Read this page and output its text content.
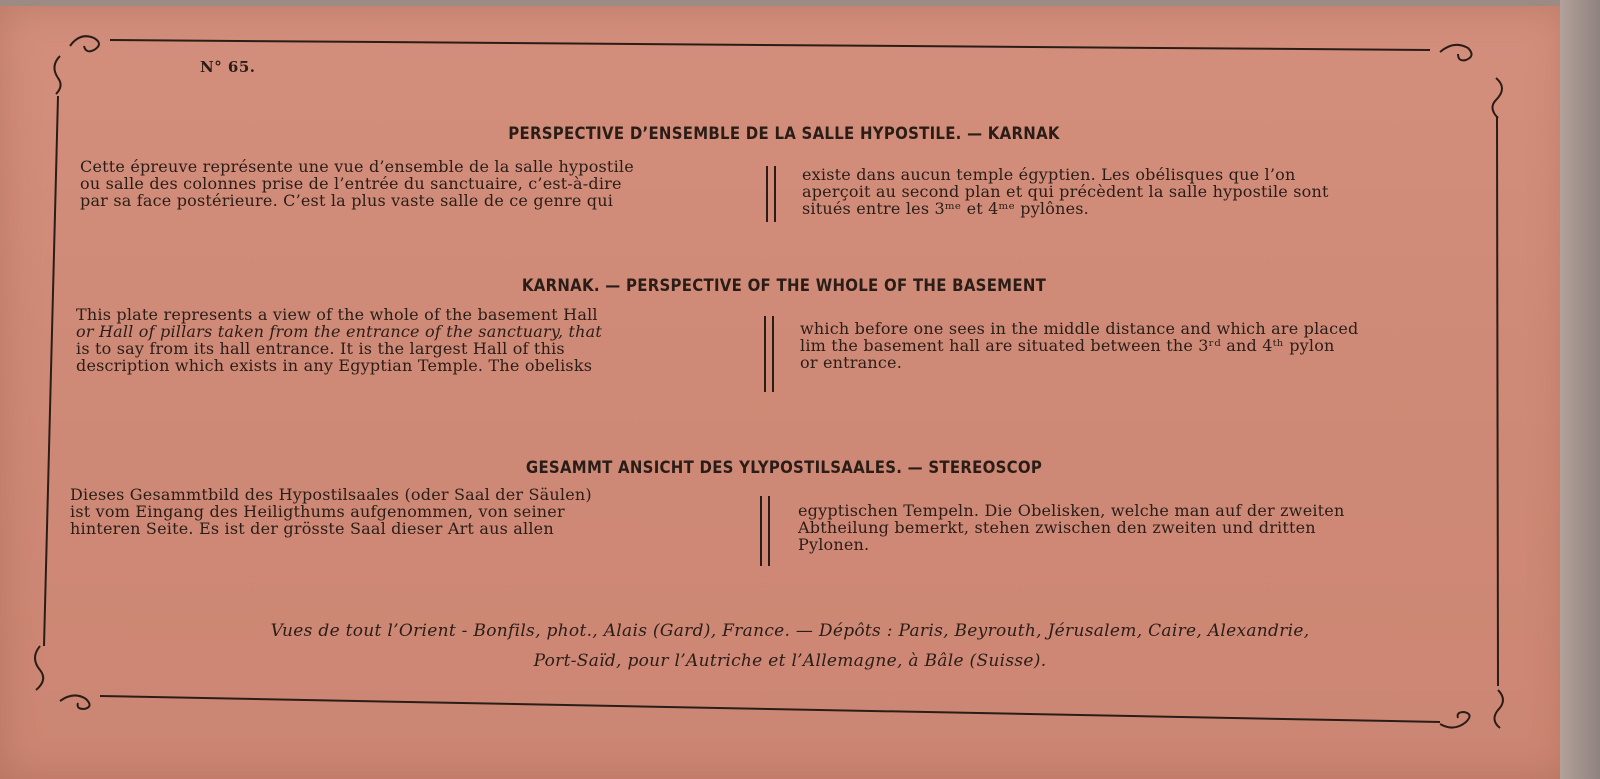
N° 65.
PERSPECTIVE D’ENSEMBLE DE LA SALLE HYPOSTILE. — KARNAK
Cette épreuve représente une vue d’ensemble de la salle hypostile
ou salle des colonnes prise de l’entrée du sanctuaire, c’est-à-dire
par sa face postérieure. C’est la plus vaste salle de ce genre qui
existe dans aucun temple égyptien. Les obélisques que l’on
aperçoit au second plan et qui précèdent la salle hypostile sont
situés entre les 3ᵐᵉ et 4ᵐᵉ pylônes.
KARNAK. — PERSPECTIVE OF THE WHOLE OF THE BASEMENT
This plate represents a view of the whole of the basement Hall
or Hall of pillars taken from the entrance of the sanctuary, that
is to say from its hall entrance. It is the largest Hall of this
description which exists in any Egyptian Temple. The obelisks
which before one sees in the middle distance and which are placed
lim the basement hall are situated between the 3ʳᵈ and 4ᵗʰ pylon
or entrance.
GESAMMT ANSICHT DES YLYPOSTILSAALES. — STEREOSCOP
Dieses Gesammtbild des Hypostilsaales (oder Saal der Säulen)
ist vom Eingang des Heiligthums aufgenommen, von seiner
hinteren Seite. Es ist der grösste Saal dieser Art aus allen
egyptischen Tempeln. Die Obelisken, welche man auf der zweiten
Abtheilung bemerkt, stehen zwischen den zweiten und dritten
Pylonen.
Vues de tout l’Orient - Bonfils, phot., Alais (Gard), France. — Dépôts : Paris, Beyrouth, Jérusalem, Caire, Alexandrie,
Port-Saïd, pour l’Autriche et l’Allemagne, à Bâle (Suisse).
